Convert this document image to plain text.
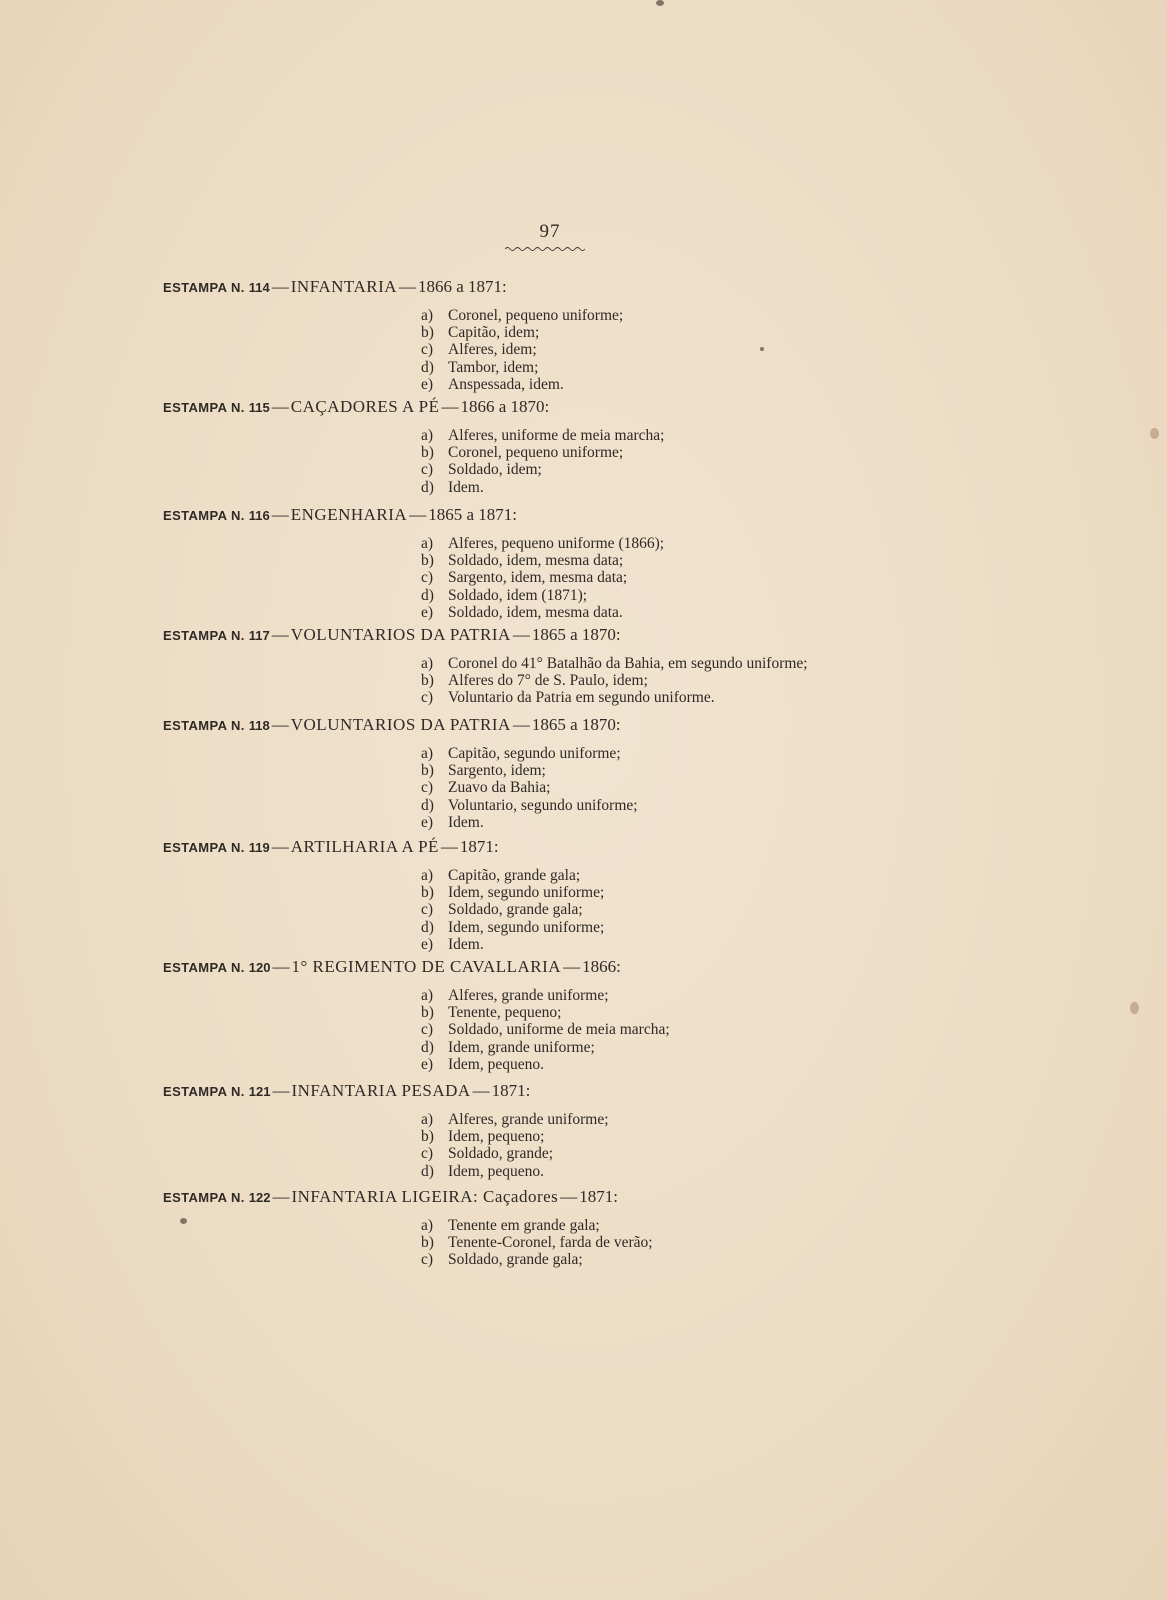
97
ESTAMPA N. 114 — INFANTARIA — 1866 a 1871:
a) Coronel, pequeno uniforme;
b) Capitão, idem;
c) Alferes, idem;
d) Tambor, idem;
e) Anspessada, idem.
ESTAMPA N. 115 — CAÇADORES A PÉ — 1866 a 1870:
a) Alferes, uniforme de meia marcha;
b) Coronel, pequeno uniforme;
c) Soldado, idem;
d) Idem.
ESTAMPA N. 116 — ENGENHARIA — 1865 a 1871:
a) Alferes, pequeno uniforme (1866);
b) Soldado, idem, mesma data;
c) Sargento, idem, mesma data;
d) Soldado, idem (1871);
e) Soldado, idem, mesma data.
ESTAMPA N. 117 — VOLUNTARIOS DA PATRIA — 1865 a 1870:
a) Coronel do 41° Batalhão da Bahia, em segundo uniforme;
b) Alferes do 7° de S. Paulo, idem;
c) Voluntario da Patria em segundo uniforme.
ESTAMPA N. 118 — VOLUNTARIOS DA PATRIA — 1865 a 1870:
a) Capitão, segundo uniforme;
b) Sargento, idem;
c) Zuavo da Bahia;
d) Voluntario, segundo uniforme;
e) Idem.
ESTAMPA N. 119 — ARTILHARIA A PÉ — 1871:
a) Capitão, grande gala;
b) Idem, segundo uniforme;
c) Soldado, grande gala;
d) Idem, segundo uniforme;
e) Idem.
ESTAMPA N. 120 — 1° REGIMENTO DE CAVALLARIA — 1866:
a) Alferes, grande uniforme;
b) Tenente, pequeno;
c) Soldado, uniforme de meia marcha;
d) Idem, grande uniforme;
e) Idem, pequeno.
ESTAMPA N. 121 — INFANTARIA PESADA — 1871:
a) Alferes, grande uniforme;
b) Idem, pequeno;
c) Soldado, grande;
d) Idem, pequeno.
ESTAMPA N. 122 — INFANTARIA LIGEIRA: Caçadores — 1871:
a) Tenente em grande gala;
b) Tenente-Coronel, farda de verão;
c) Soldado, grande gala;
